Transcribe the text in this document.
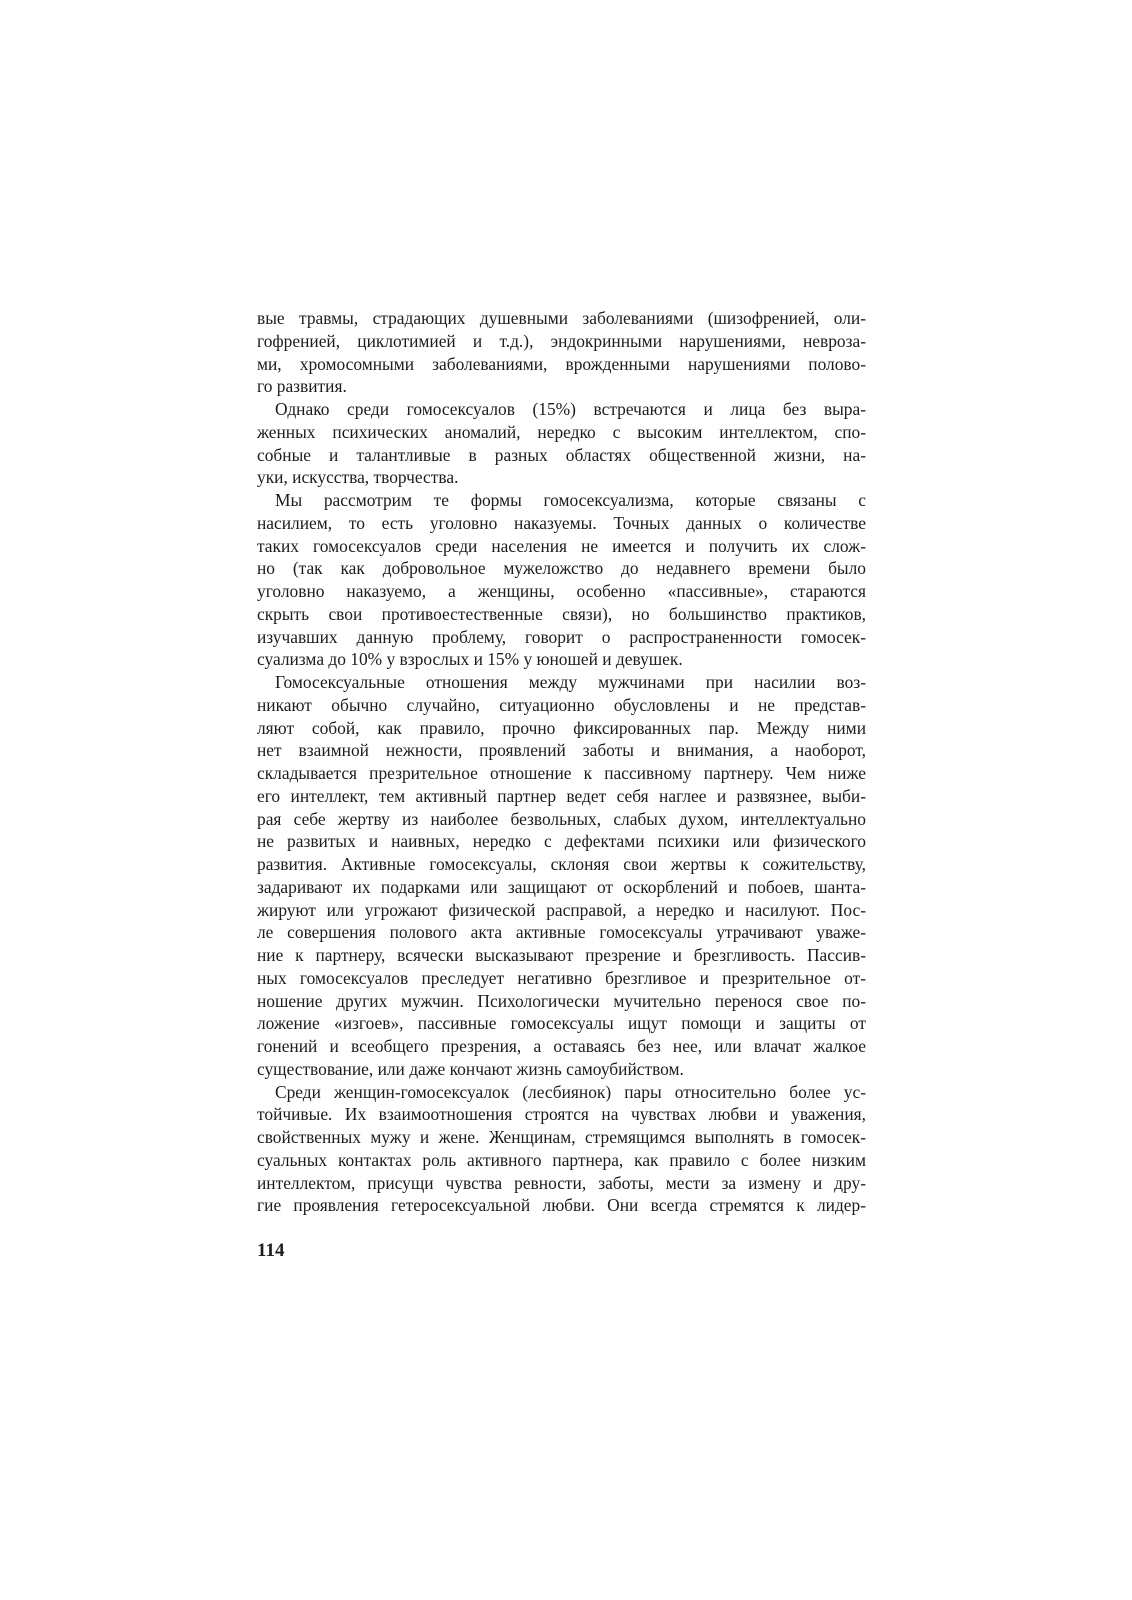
вые травмы, страдающих душевными заболеваниями (шизофренией, оли-
гофренией, циклотимией и т.д.), эндокринными нарушениями, невроза-
ми, хромосомными заболеваниями, врожденными нарушениями полово-
го развития.
Однако среди гомосексуалов (15%) встречаются и лица без выра-
женных психических аномалий, нередко с высоким интеллектом, спо-
собные и талантливые в разных областях общественной жизни, на-
уки, искусства, творчества.
Мы рассмотрим те формы гомосексуализма, которые связаны с
насилием, то есть уголовно наказуемы. Точных данных о количестве
таких гомосексуалов среди населения не имеется и получить их слож-
но (так как добровольное мужеложство до недавнего времени было
уголовно наказуемо, а женщины, особенно «пассивные», стараются
скрыть свои противоестественные связи), но большинство практиков,
изучавших данную проблему, говорит о распространенности гомосек-
суализма до 10% у взрослых и 15% у юношей и девушек.
Гомосексуальные отношения между мужчинами при насилии воз-
никают обычно случайно, ситуационно обусловлены и не представ-
ляют собой, как правило, прочно фиксированных пар. Между ними
нет взаимной нежности, проявлений заботы и внимания, а наоборот,
складывается презрительное отношение к пассивному партнеру. Чем ниже
его интеллект, тем активный партнер ведет себя наглее и развязнее, выби-
рая себе жертву из наиболее безвольных, слабых духом, интеллектуально
не развитых и наивных, нередко с дефектами психики или физического
развития. Активные гомосексуалы, склоняя свои жертвы к сожительству,
задаривают их подарками или защищают от оскорблений и побоев, шанта-
жируют или угрожают физической расправой, а нередко и насилуют. Пос-
ле совершения полового акта активные гомосексуалы утрачивают уваже-
ние к партнеру, всячески высказывают презрение и брезгливость. Пассив-
ных гомосексуалов преследует негативно брезгливое и презрительное от-
ношение других мужчин. Психологически мучительно перенося свое по-
ложение «изгоев», пассивные гомосексуалы ищут помощи и защиты от
гонений и всеобщего презрения, а оставаясь без нее, или влачат жалкое
существование, или даже кончают жизнь самоубийством.
Среди женщин-гомосексуалок (лесбиянок) пары относительно более ус-
тойчивые. Их взаимоотношения строятся на чувствах любви и уважения,
свойственных мужу и жене. Женщинам, стремящимся выполнять в гомосек-
суальных контактах роль активного партнера, как правило с более низким
интеллектом, присущи чувства ревности, заботы, мести за измену и дру-
гие проявления гетеросексуальной любви. Они всегда стремятся к лидер-
114
